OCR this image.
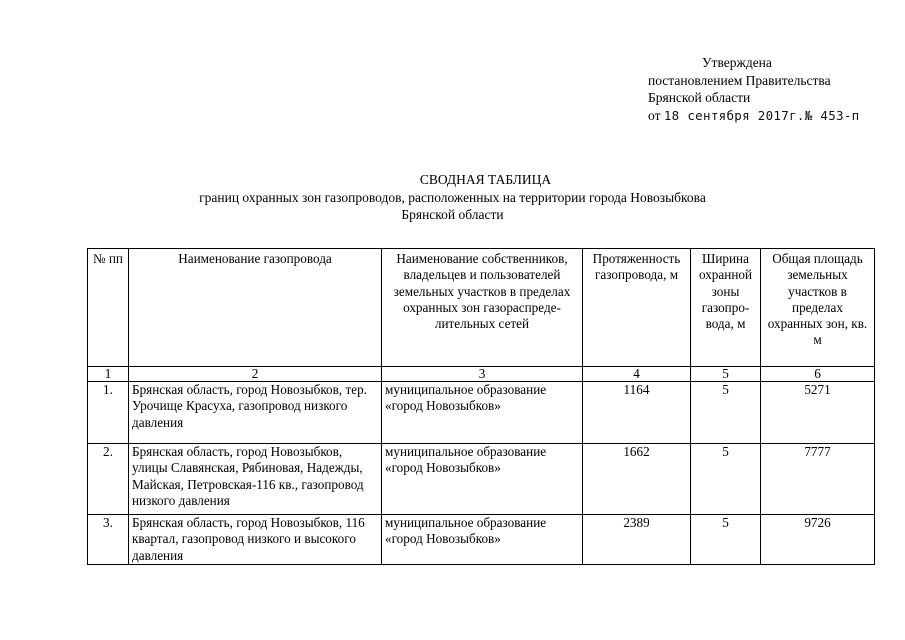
Утверждена
постановлением Правительства
Брянской области
от 18 сентября 2017г.№ 453-п
СВОДНАЯ ТАБЛИЦА
границ охранных зон газопроводов, расположенных на территории города Новозыбкова
Брянской области
№ пп	Наименование газопровода	Наименование собственников, владельцев и пользователей земельных участков в пределах охранных зон газораспреде-лительных сетей	Протяженность газопровода, м	Ширина охранной зоны газопро-вода, м	Общая площадь земельных участков в пределах охранных зон, кв. м
1	2	3	4	5	6
1.	Брянская область, город Новозыбков, тер. Урочище Красуха, газопровод низкого давления	муниципальное образование «город Новозыбков»	1164	5	5271
2.	Брянская область, город Новозыбков, улицы Славянская, Рябиновая, Надежды, Майская, Петровская-116 кв., газопровод низкого давления	муниципальное образование «город Новозыбков»	1662	5	7777
3.	Брянская область, город Новозыбков, 116 квартал, газопровод низкого и высокого давления	муниципальное образование «город Новозыбков»	2389	5	9726
